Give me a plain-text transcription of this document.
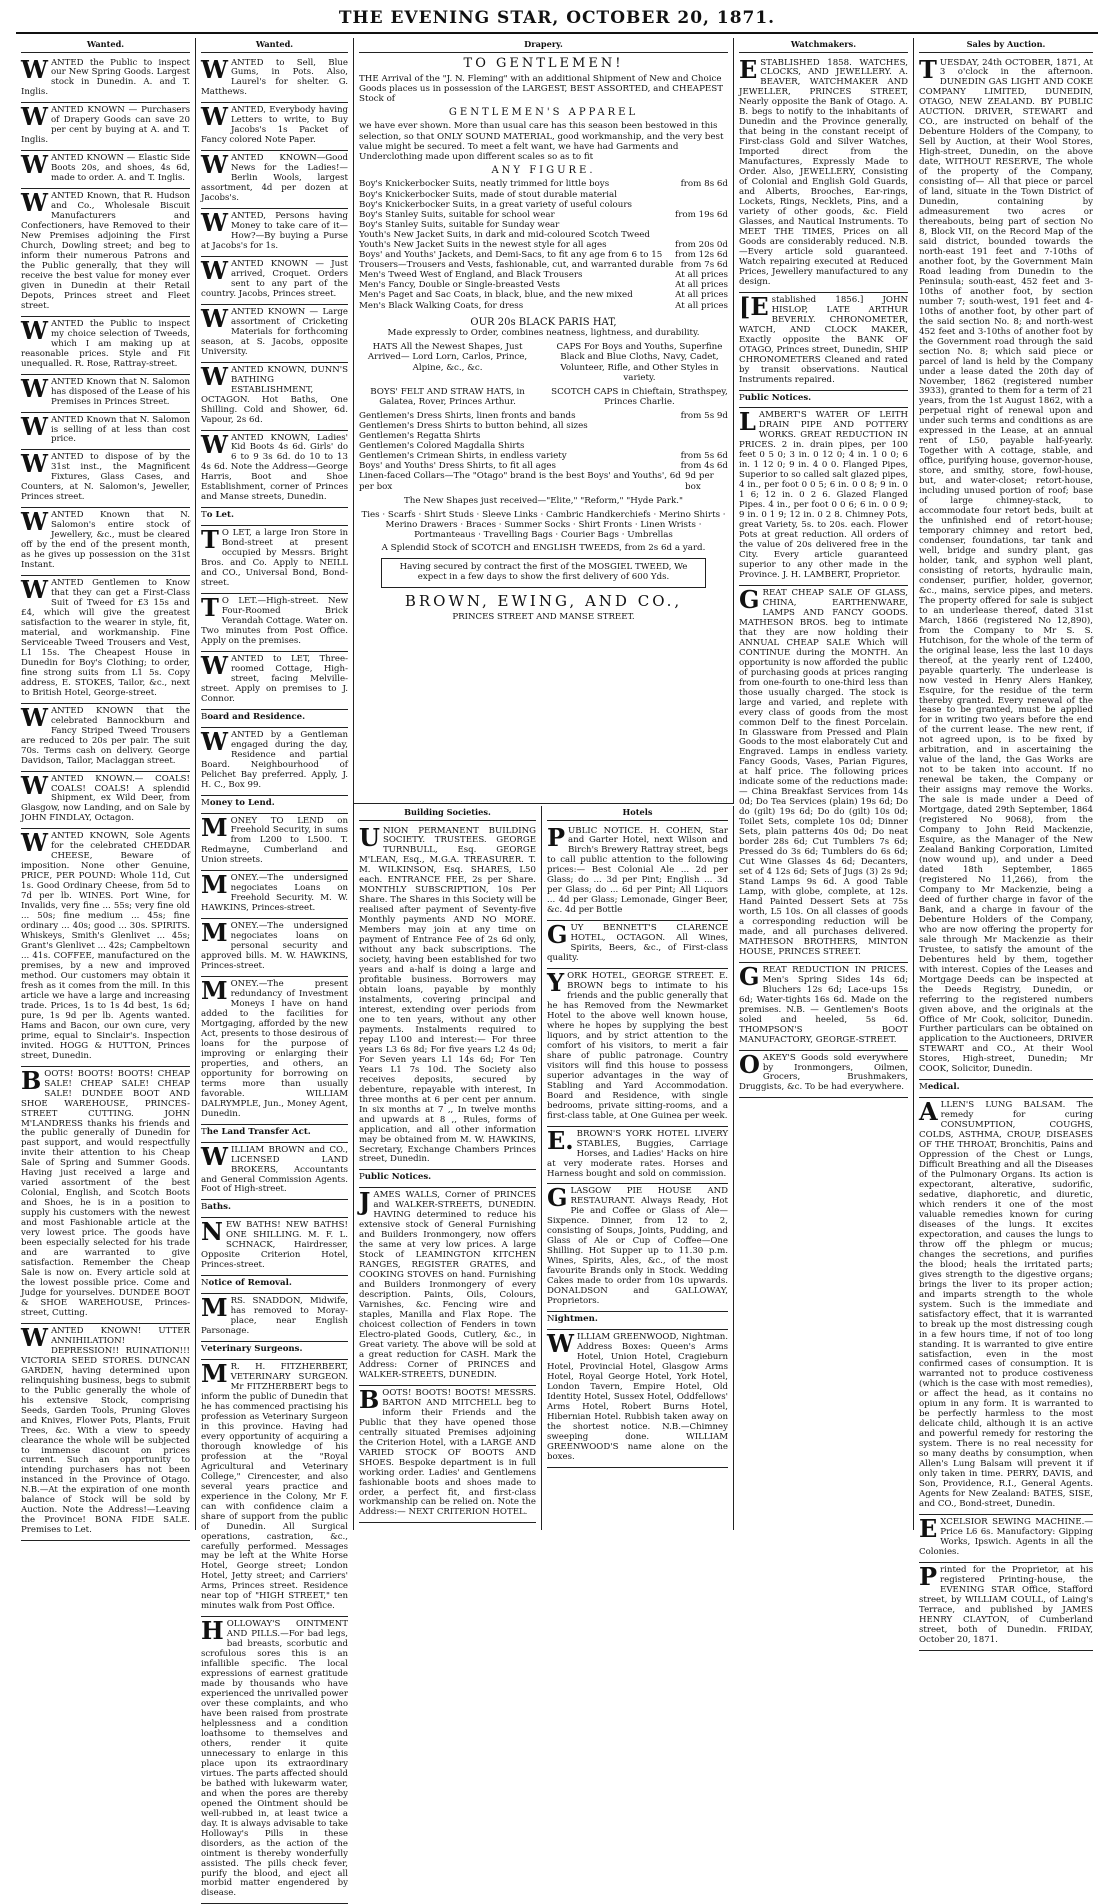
THE EVENING STAR, OCTOBER 20, 1871.
Wanted.

WANTED the Public to inspect our New Spring Goods. Largest stock in Dunedin. A. and T. Inglis.

WANTED KNOWN — Purchasers of Drapery Goods can save 20 per cent by buying at A. and T. Inglis.

WANTED KNOWN — Elastic Side Boots 20s, and shoes, 4s 6d, made to order. A. and T. Inglis.

WANTED Known, that R. Hudson and Co., Wholesale Biscuit Manufacturers and Confectioners, have Removed to their New Premises adjoining the First Church, Dowling street; and beg to inform their numerous Patrons and the Public generally, that they will receive the best value for money ever given in Dunedin at their Retail Depots, Princes street and Fleet street.

WANTED the Public to inspect my choice selection of Tweeds, which I am making up at reasonable prices. Style and Fit unequalled. R. Rose, Rattray-street.

WANTED Known that N. Salomon has disposed of the Lease of his Premises in Princes Street.

WANTED Known that N. Salomon is selling of at less than cost price.

WANTED to dispose of by the 31st inst., the Magnificent Fixtures, Glass Cases, and Counters, at N. Salomon's, Jeweller, Princes street.

WANTED Known that N. Salomon's entire stock of Jewellery, &c., must be cleared off by the end of the present month, as he gives up possession on the 31st Instant.

WANTED Gentlemen to Know that they can get a First-Class Suit of Tweed for £3 15s and £4, which will give the greatest satisfaction to the wearer in style, fit, material, and workmanship. Fine Serviceable Tweed Trousers and Vest, L1 15s. The Cheapest House in Dunedin for Boy's Clothing; to order, fine strong suits from L1 5s. Copy address, E. STOKES, Tailor, &c., next to British Hotel, George-street.

WANTED KNOWN that the celebrated Bannockburn and Fancy Striped Tweed Trousers are reduced to 20s per pair. The suit 70s. Terms cash on delivery. George Davidson, Tailor, Maclaggan street.

WANTED KNOWN.— COALS! COALS! COALS! A splendid Shipment, ex Wild Deer, from Glasgow, now Landing, and on Sale by JOHN FINDLAY, Octagon.

WANTED KNOWN, Sole Agents for the celebrated CHEDDAR CHEESE, Beware of imposition. None other Genuine, PRICE, PER POUND: Whole 11d, Cut 1s. Good Ordinary Cheese, from 5d to 7d per lb. WINES. Port Wine, for Invalids, very fine ... 55s; very fine old ... 50s; fine medium ... 45s; fine ordinary ... 40s; good ... 30s. SPIRITS. Whiskeys, Smith's Glenlivet ... 45s; Grant's Glenlivet ... 42s; Campbeltown ... 41s. COFFEE, manufactured on the premises, by a new and improved method. Our customers may obtain it fresh as it comes from the mill. In this article we have a large and increasing trade. Prices, 1s to 1s 4d best, 1s 6d; pure, 1s 9d per lb. Agents wanted. Hams and Bacon, our own cure, very prime, equal to Sinclair's. Inspection invited. HOGG & HUTTON, Princes street, Dunedin.

BOOTS! BOOTS! BOOTS! CHEAP SALE! CHEAP SALE! CHEAP SALE! DUNDEE BOOT AND SHOE WAREHOUSE, PRINCES-STREET CUTTING. JOHN M'LANDRESS thanks his friends and the public generally of Dunedin for past support, and would respectfully invite their attention to his Cheap Sale of Spring and Summer Goods. Having just received a large and varied assortment of the best Colonial, English, and Scotch Boots and Shoes, he is in a position to supply his customers with the newest and most Fashionable article at the very lowest price. The goods have been especially selected for his trade and are warranted to give satisfaction. Remember the Cheap Sale is now on. Every article sold at the lowest possible price. Come and Judge for yourselves. DUNDEE BOOT & SHOE WAREHOUSE, Princes-street, Cutting.

WANTED KNOWN! UTTER ANNIHILATION! DEPRESSION!! RUINATION!!! VICTORIA SEED STORES. DUNCAN GARDEN, having determined upon relinquishing business, begs to submit to the Public generally the whole of his extensive Stock, comprising Seeds, Garden Tools, Pruning Gloves and Knives, Flower Pots, Plants, Fruit Trees, &c. With a view to speedy clearance the whole will be subjected to immense discount on prices current. Such an opportunity to intending purchasers has not been instanced in the Province of Otago. N.B.—At the expiration of one month balance of Stock will be sold by Auction. Note the Address!—Leaving the Province! BONA FIDE SALE. Premises to Let.

Wanted.

WANTED to Sell, Blue Gums, in Pots. Also, Laurel's for shelter. G. Matthews.

WANTED, Everybody having Letters to write, to Buy Jacobs's 1s Packet of Fancy colored Note Paper.

WANTED KNOWN—Good News for the Ladies!—Berlin Wools, largest assortment, 4d per dozen at Jacobs's.

WANTED, Persons having Money to take care of it—How?—By buying a Purse at Jacobs's for 1s.

WANTED KNOWN — Just arrived, Croquet. Orders sent to any part of the country. Jacobs, Princes street.

WANTED KNOWN — Large assortment of Cricketing Materials for forthcoming season, at S. Jacobs, opposite University.

WANTED KNOWN, DUNN'S BATHING ESTABLISHMENT, OCTAGON. Hot Baths, One Shilling. Cold and Shower, 6d. Vapour, 2s 6d.

WANTED KNOWN, Ladies' Kid Boots 4s 6d. Girls' do 6 to 9 3s 6d. do 10 to 13 4s 6d. Note the Address—George Harris, Boot and Shoe Establishment, corner of Princes and Manse streets, Dunedin.

To Let.

TO LET, a large Iron Store in Bond-street at present occupied by Messrs. Bright Bros. and Co. Apply to NEILL and CO., Universal Bond, Bond-street.

TO LET.—High-street. New Four-Roomed Brick Verandah Cottage. Water on. Two minutes from Post Office. Apply on the premises.

WANTED to LET, Three-roomed Cottage, High-street, facing Melville-street. Apply on premises to J. Connor.

Board and Residence.

WANTED by a Gentleman engaged during the day, Residence and partial Board. Neighbourhood of Pelichet Bay preferred. Apply, J. H. C., Box 99.

Money to Lend.

MONEY TO LEND on Freehold Security, in sums from L200 to L500. T. Redmayne, Cumberland and Union streets.

MONEY.—The undersigned negociates Loans on Freehold Security. M. W. HAWKINS, Princes-street.

MONEY.—The undersigned negociates loans on personal security and approved bills. M. W. HAWKINS, Princes-street.

MONEY.—The present redundancy of Investment Moneys I have on hand added to the facilities for Mortgaging, afforded by the new Act, presents to those desirous of loans for the purpose of improving or enlarging their properties, and others, an opportunity for borrowing on terms more than usually favorable. WILLIAM DALRYMPLE, Jun., Money Agent, Dunedin.

The Land Transfer Act.

WILLIAM BROWN and CO., LICENSED LAND BROKERS, Accountants and General Commission Agents. Foot of High-street.

Baths.

NEW BATHS! NEW BATHS! ONE SHILLING. M. F. L. SCHNACK, Hairdresser, Opposite Criterion Hotel, Princes-street.

Notice of Removal.

MRS. SNADDON, Midwife, has removed to Moray-place, near English Parsonage.

Veterinary Surgeons.

MR. H. FITZHERBERT, VETERINARY SURGEON. Mr FITZHERBERT begs to inform the public of Dunedin that he has commenced practising his profession as Veterinary Surgeon in this province. Having had every opportunity of acquiring a thorough knowledge of his profession at the "Royal Agricultural and Veterinary College," Cirencester, and also several years practice and experience in the Colony, Mr F. can with confidence claim a share of support from the public of Dunedin. All Surgical operations, castration, &c., carefully performed. Messages may be left at the White Horse Hotel, George street; London Hotel, Jetty street; and Carriers' Arms, Princes street. Residence near top of "HIGH STREET," ten minutes walk from Post Office.

HOLLOWAY'S OINTMENT AND PILLS.—For bad legs, bad breasts, scorbutic and scrofulous sores this is an infallible specific. The local expressions of earnest gratitude made by thousands who have experienced the unrivalled power over these complaints, and who have been raised from prostrate helplessness and a condition loathsome to themselves and others, render it quite unnecessary to enlarge in this place upon its extraordinary virtues. The parts affected should be bathed with lukewarm water, and when the pores are thereby opened the Ointment should be well-rubbed in, at least twice a day. It is always advisable to take Holloway's Pills in these disorders, as the action of the ointment is thereby wonderfully assisted. The pills check fever, purify the blood, and eject all morbid matter engendered by disease.

Drapery.
TO GENTLEMEN!
THE Arrival of the "J. N. Fleming" with an additional Shipment of New and Choice Goods places us in possession of the LARGEST, BEST ASSORTED, and CHEAPEST Stock of
GENTLEMEN'S APPAREL
we have ever shown. More than usual care has this season been bestowed in this selection, so that ONLY SOUND MATERIAL, good workmanship, and the very best value might be secured. To meet a felt want, we have had Garments and Underclothing made upon different scales so as to fit
ANY FIGURE.
Boy's Knickerbocker Suits, neatly trimmed for little boys	from 8s 6d
Boy's Knickerbocker Suits, made of stout durable material
Boy's Knickerbocker Suits, in a great variety of useful colours
Boy's Stanley Suits, suitable for school wear	from 19s 6d
Boy's Stanley Suits, suitable for Sunday wear
Youth's New Jacket Suits, in dark and mid-coloured Scotch Tweed
Youth's New Jacket Suits in the newest style for all ages	from 20s 0d
Boys' and Youths' Jackets, and Demi-Sacs, to fit any age from 6 to 15 from 12s 6d
Trousers—Trousers and Vests, fashionable, cut, and warranted durable from 7s 6d
Men's Tweed West of England, and Black Trousers	At all prices
Men's Fancy, Double or Single-breasted Vests	At all prices
Men's Paget and Sac Coats, in black, blue, and the new mixed	At all prices
Men's Black Walking Coats, for dress	At all prices
OUR 20s BLACK PARIS HAT,
Made expressly to Order, combines neatness, lightness, and durability.
HATS All the Newest Shapes, Just Arrived— Lord Lorn, Carlos, Prince, Alpine, &c., &c.
CAPS For Boys and Youths, Superfine Black and Blue Cloths, Navy, Cadet, Volunteer, Rifle, and Other Styles in variety.
BOYS' FELT AND STRAW HATS, in Galatea, Rover, Princes Arthur.
SCOTCH CAPS in Chieftain, Strathspey, Princes Charlie.
Gentlemen's Dress Shirts, linen fronts and bands	from 5s 9d
Gentlemen's Dress Shirts to button behind, all sizes
Gentlemen's Regatta Shirts
Gentlemen's Colored Magdalla Shirts
Gentlemen's Crimean Shirts, in endless variety	from 5s 6d
Boys' and Youths' Dress Shirts, to fit all ages	from 4s 6d
Linen-faced Collars—The "Otago" brand is the best Boys' and Youths', 6d per box
9d per box
The New Shapes just received—"Elite," "Reform," "Hyde Park."
Ties · Scarfs · Shirt Studs · Sleeve Links · Cambric Handkerchiefs · Merino Shirts · Merino Drawers · Braces · Summer Socks · Shirt Fronts · Linen Wrists · Portmanteaus · Travelling Bags · Courier Bags · Umbrellas
A Splendid Stock of SCOTCH and ENGLISH TWEEDS, from 2s 6d a yard.
Having secured by contract the first of the MOSGIEL TWEED, We expect in a few days to show the first delivery of 600 Yds.
BROWN, EWING, AND CO.,
PRINCES STREET AND MANSE STREET.
Building Societies.

UNION PERMANENT BUILDING SOCIETY. TRUSTEES. GEORGE TURNBULL, Esq. GEORGE M'LEAN, Esq., M.G.A. TREASURER. T. M. WILKINSON, Esq. SHARES, L50 each. ENTRANCE FEE, 2s per Share. MONTHLY SUBSCRIPTION, 10s Per Share. The Shares in this Society will be realised after payment of Seventy-five Monthly payments AND NO MORE. Members may join at any time on payment of Entrance Fee of 2s 6d only, without any back subscriptions. The society, having been established for two years and a-half is doing a large and profitable business. Borrowers may obtain loans, payable by monthly instalments, covering principal and interest, extending over periods from one to ten years, without any other payments. Instalments required to repay L100 and interest:— For three years L3 6s 8d; For five years L2 4s 0d; For Seven years L1 14s 6d; For Ten Years L1 7s 10d. The Society also receives deposits, secured by debenture, repayable with interest, In three months at 6 per cent per annum. In six months at 7 ,, In twelve months and upwards at 8 ,, Rules, forms of application, and all other information may be obtained from M. W. HAWKINS, Secretary, Exchange Chambers Princes street, Dunedin.

Public Notices.

JAMES WALLS, Corner of PRINCES and WALKER-STREETS, DUNEDIN. HAVING determined to reduce his extensive stock of General Furnishing and Builders Ironmongery, now offers the same at very low prices. A large Stock of LEAMINGTON KITCHEN RANGES, REGISTER GRATES, and COOKING STOVES on hand. Furnishing and Builders Ironmongery of every description. Paints, Oils, Colours, Varnishes, &c. Fencing wire and staples, Manilla and Flax Rope. The choicest collection of Fenders in town Electro-plated Goods, Cutlery, &c., in Great variety. The above will be sold at a great reduction for CASH. Mark the Address: Corner of PRINCES and WALKER-STREETS, DUNEDIN.

BOOTS! BOOTS! BOOTS! MESSRS. BARTON AND MITCHELL beg to inform their Friends and the Public that they have opened those centrally situated Premises adjoining the Criterion Hotel, with a LARGE AND VARIED STOCK OF BOOTS AND SHOES. Bespoke department is in full working order. Ladies' and Gentlemens fashionable boots and shoes made to order, a perfect fit, and first-class workmanship can be relied on. Note the Address:— NEXT CRITERION HOTEL.

Hotels

PUBLIC NOTICE. H. COHEN, Star and Garter Hotel, next Wilson and Birch's Brewery Rattray street, begs to call public attention to the following prices:— Best Colonial Ale ... 2d per Glass; do ... 3d per Pint; English ... 3d per Glass; do ... 6d per Pint; All Liquors ... 4d per Glass; Lemonade, Ginger Beer, &c. 4d per Bottle

GUY BENNETT'S CLARENCE HOTEL, OCTAGON. All Wines, Spirits, Beers, &c., of First-class quality.

YORK HOTEL, GEORGE STREET. E. BROWN begs to intimate to his friends and the public generally that he has Removed from the Newmarket Hotel to the above well known house, where he hopes by supplying the best liquors, and by strict attention to the comfort of his visitors, to merit a fair share of public patronage. Country visitors will find this house to possess superior advantages in the way of Stabling and Yard Accommodation. Board and Residence, with single bedrooms, private sitting-rooms, and a first-class table, at One Guinea per week.

E.BROWN'S YORK HOTEL LIVERY STABLES, Buggies, Carriage Horses, and Ladies' Hacks on hire at very moderate rates. Horses and Harness bought and sold on commission.

GLASGOW PIE HOUSE AND RESTAURANT. Always Ready, Hot Pie and Coffee or Glass of Ale—Sixpence. Dinner, from 12 to 2, consisting of Soups, Joints, Pudding, and Glass of Ale or Cup of Coffee—One Shilling. Hot Supper up to 11.30 p.m. Wines, Spirits, Ales, &c., of the most favourite Brands only in Stock. Wedding Cakes made to order from 10s upwards. DONALDSON and GALLOWAY, Proprietors.

Nightmen.

WILLIAM GREENWOOD, Nightman. Address Boxes: Queen's Arms Hotel, Union Hotel, Cragieburn Hotel, Provincial Hotel, Glasgow Arms Hotel, Royal George Hotel, York Hotel, London Tavern, Empire Hotel, Old Identity Hotel, Sussex Hotel, Oddfellows' Arms Hotel, Robert Burns Hotel, Hibernian Hotel. Rubbish taken away on the shortest notice. N.B.—Chimney sweeping done. WILLIAM GREENWOOD'S name alone on the boxes.

Watchmakers.

ESTABLISHED 1858. WATCHES, CLOCKS, AND JEWELLERY. A. BEAVER, WATCHMAKER AND JEWELLER, PRINCES STREET, Nearly opposite the Bank of Otago. A. B. begs to notify to the inhabitants of Dunedin and the Province generally, that being in the constant receipt of First-class Gold and Silver Watches, Imported direct from the Manufactures, Expressly Made to Order. Also, JEWELLERY, Consisting of Colonial and English Gold Guards, and Alberts, Brooches, Ear-rings, Lockets, Rings, Necklets, Pins, and a variety of other goods, &c. Field Glasses, and Nautical Instruments. To MEET THE TIMES, Prices on all Goods are considerably reduced. N.B.—Every article sold guaranteed. Watch repairing executed at Reduced Prices, Jewellery manufactured to any design.

[Established 1856.] JOHN HISLOP, LATE ARTHUR BEVERLY. CHRONOMETER, WATCH, AND CLOCK MAKER, Exactly opposite the BANK OF OTAGO, Princes street, Dunedin, SHIP CHRONOMETERS Cleaned and rated by transit observations. Nautical Instruments repaired.

Public Notices.

LAMBERT'S WATER OF LEITH DRAIN PIPE AND POTTERY WORKS. GREAT REDUCTION IN PRICES. 2 in. drain pipes, per 100 feet 0 5 0; 3 in. 0 12 0; 4 in. 1 0 0; 6 in. 1 12 0; 9 in. 4 0 0. Flanged Pipes, Superior to so called salt glazed pipes, 4 in., per foot 0 0 5; 6 in. 0 0 8; 9 in. 0 1 6; 12 in. 0 2 6. Glazed Flanged Pipes. 4 in., per foot 0 0 6; 6 in. 0 0 9; 9 in. 0 1 9; 12 in. 0 2 8. Chimney Pots, great Variety, 5s. to 20s. each. Flower Pots at great reduction. All orders of the value of 20s delivered free in the City. Every article guaranteed superior to any other made in the Province. J. H. LAMBERT, Proprietor.

GREAT CHEAP SALE OF GLASS, CHINA, EARTHENWARE, LAMPS AND FANCY GOODS. MATHESON BROS. beg to intimate that they are now holding their ANNUAL CHEAP SALE Which will CONTINUE during the MONTH. An opportunity is now afforded the public of purchasing goods at prices ranging from one-fourth to one-third less than those usually charged. The stock is large and varied, and replete with every class of goods from the most common Delf to the finest Porcelain. In Glassware from Pressed and Plain Goods to the most elaborately Cut and Engraved. Lamps in endless variety. Fancy Goods, Vases, Parian Figures, at half price. The following prices indicate some of the reductions made:— China Breakfast Services from 14s 0d; Do Tea Services (plain) 19s 6d; Do do (gilt) 19s 6d; Do do (gilt) 10s 0d; Toilet Sets, complete 10s 0d; Dinner Sets, plain patterns 40s 0d; Do neat border 28s 6d; Cut Tumblers 7s 6d; Pressed do 3s 6d; Tumblers do 6s 6d; Cut Wine Glasses 4s 6d; Decanters, set of 4 12s 6d; Sets of Jugs (3) 2s 9d; Stand Lamps 9s 6d. A good Table Lamp, with globe, complete, at 12s. Hand Painted Dessert Sets at 75s worth, L5 10s. On all classes of goods a corresponding reduction will be made, and all purchases delivered. MATHESON BROTHERS, MINTON HOUSE, PRINCES STREET.

GREAT REDUCTION IN PRICES. Men's Spring Sides 14s 6d; Bluchers 12s 6d; Lace-ups 15s 6d; Water-tights 16s 6d. Made on the premises. N.B. — Gentlemen's Boots soled and heeled, 5s 6d. THOMPSON'S BOOT MANUFACTORY, GEORGE-STREET.

OAKEY'S Goods sold everywhere by Ironmongers, Oilmen, Grocers, Brushmakers, Druggists, &c. To be had everywhere.

Sales by Auction.

TUESDAY, 24th OCTOBER, 1871, At 3 o'clock in the afternoon. DUNEDIN GAS LIGHT AND COKE COMPANY LIMITED, DUNEDIN, OTAGO, NEW ZEALAND. BY PUBLIC AUCTION. DRIVER, STEWART and CO., are instructed on behalf of the Debenture Holders of the Company, to Sell by Auction, at their Wool Stores, High-street, Dunedin, on the above date, WITHOUT RESERVE, The whole of the property of the Company, consisting of— All that piece or parcel of land, situate in the Town District of Dunedin, containing by admeasurement two acres or thereabouts, being part of section No 8, Block VII, on the Record Map of the said district, bounded towards the north-east 191 feet and 7-10ths of another foot, by the Government Main Road leading from Dunedin to the Peninsula; south-east, 452 feet and 3-10ths of another foot, by section number 7; south-west, 191 feet and 4-10ths of another foot, by other part of the said section No. 8; and north-west 452 feet and 3-10ths of another foot by the Government road through the said section No. 8; which said piece or parcel of land is held by the Company under a lease dated the 20th day of November, 1862 (registered number 3933), granted to them for a term of 21 years, from the 1st August 1862, with a perpetual right of renewal upon and under such terms and conditions as are expressed in the Lease, at an annual rent of L50, payable half-yearly. Together with A cottage, stable, and office, purifying house, governor-house, store, and smithy, store, fowl-house, but, and water-closet; retort-house, including unused portion of roof; base of large chimney-stack, to accommodate four retort beds, built at the unfinished end of retort-house; temporary chimney and retort bed, condenser, foundations, tar tank and well, bridge and sundry plant, gas holder, tank, and syphon well plant, consisting of retorts, hydraulic main, condenser, purifier, holder, governor, &c., mains, service pipes, and meters. The property offered for sale is subject to an underlease thereof, dated 31st March, 1866 (registered No 12,890), from the Company to Mr S. S. Hutchison, for the whole of the term of the original lease, less the last 10 days thereof, at the yearly rent of L2400, payable quarterly. The underlease is now vested in Henry Alers Hankey, Esquire, for the residue of the term thereby granted. Every renewal of the lease to be granted, must be applied for in writing two years before the end of the current lease. The new rent, if not agreed upon, is to be fixed by arbitration, and in ascertaining the value of the land, the Gas Works are not to be taken into account. If no renewal be taken, the Company or their assigns may remove the Works. The sale is made under a Deed of Mortgage, dated 29th September, 1864 (registered No 9068), from the Company to John Reid Mackenzie, Esquire, as the Manager of the New Zealand Banking Corporation, Limited (now wound up), and under a Deed dated 18th September, 1865 (registered No 11,266), from the Company to Mr Mackenzie, being a deed of further charge in favor of the Bank, and a charge in favour of the Debenture Holders of the Company, who are now offering the property for sale through Mr Mackenzie as their Trustee, to satisfy the amount of the Debentures held by them, together with interest. Copies of the Leases and Mortgage Deeds can be inspected at the Deeds Registry, Dunedin, or referring to the registered numbers given above, and the originals at the Office of Mr Cook, solicitor, Dunedin. Further particulars can be obtained on application to the Auctioneers, DRIVER STEWART and CO., At their Wool Stores, High-street, Dunedin; Mr COOK, Solicitor, Dunedin.

Medical.

ALLEN'S LUNG BALSAM. The remedy for curing CONSUMPTION, COUGHS, COLDS, ASTHMA, CROUP, DISEASES OF THE THROAT, Bronchitis, Pains and Oppression of the Chest or Lungs, Difficult Breathing and all the Diseases of the Pulmonary Organs. Its action is expectorant, alterative, sudorific, sedative, diaphoretic, and diuretic, which renders it one of the most valuable remedies known for curing diseases of the lungs. It excites expectoration, and causes the lungs to throw off the phlegm or mucus; changes the secretions, and purifies the blood; heals the irritated parts; gives strength to the digestive organs; brings the liver to its proper action; and imparts strength to the whole system. Such is the immediate and satisfactory effect, that it is warranted to break up the most distressing cough in a few hours time, if not of too long standing. It is warranted to give entire satisfaction, even in the most confirmed cases of consumption. It is warranted not to produce costiveness (which is the case with most remedies), or affect the head, as it contains no opium in any form. It is warranted to be perfectly harmless to the most delicate child, although it is an active and powerful remedy for restoring the system. There is no real necessity for so many deaths by consumption, when Allen's Lung Balsam will prevent it if only taken in time. PERRY, DAVIS, and Son, Providence, R.I., General Agents. Agents for New Zealand: BATES, SISE, and CO., Bond-street, Dunedin.

EXCELSIOR SEWING MACHINE.— Price L6 6s. Manufactory: Gipping Works, Ipswich. Agents in all the Colonies.

Printed for the Proprietor, at his registered Printing-house, the EVENING STAR Office, Stafford street, by WILLIAM COULL, of Laing's Terrace, and published by JAMES HENRY CLAYTON, of Cumberland street, both of Dunedin. FRIDAY, October 20, 1871.
